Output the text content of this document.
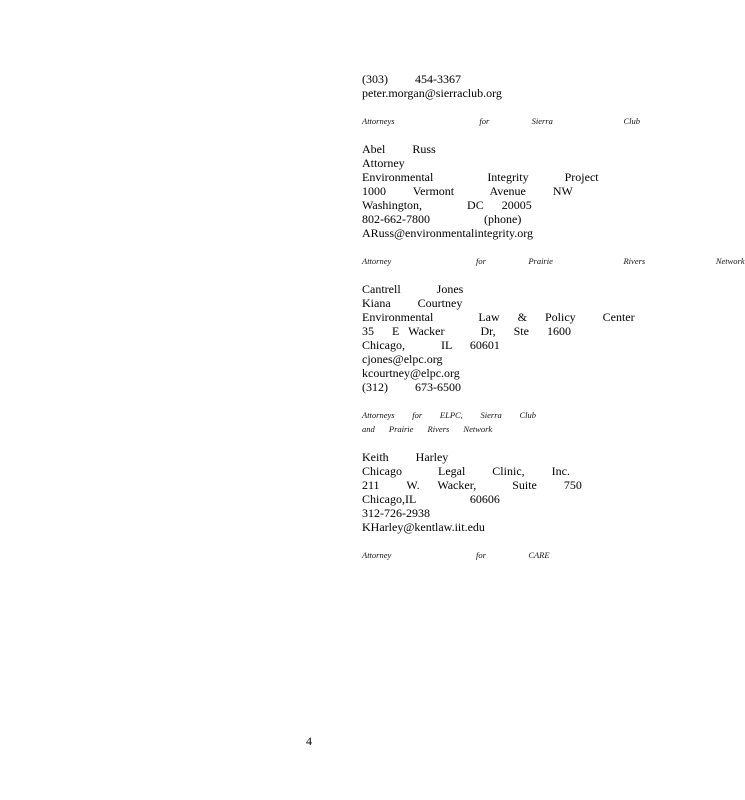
(303)   454-3367
peter.morgan@sierraclub.org
Attorneys      for   Sierra     Club
Abel   Russ
Attorney
Environmental      Integrity    Project
1000   Vermont    Avenue   NW
Washington,     DC  20005
802-662-7800      (phone)
ARuss@environmentalintegrity.org
Attorney      for   Prairie     Rivers     Network
Cantrell    Jones
Kiana   Courtney
Environmental     Law  &  Policy   Center
35  E Wacker    Dr,  Ste  1600
Chicago,    IL  60601
cjones@elpc.org
kcourtney@elpc.org
(312)   673-6500
Attorneys for ELPC, Sierra Club and Prairie Rivers Network
Keith   Harley
Chicago    Legal   Clinic,   Inc.
211   W.  Wacker,    Suite   750
Chicago,IL      60606
312-726-2938
KHarley@kentlaw.iit.edu
Attorney      for   CARE
4
